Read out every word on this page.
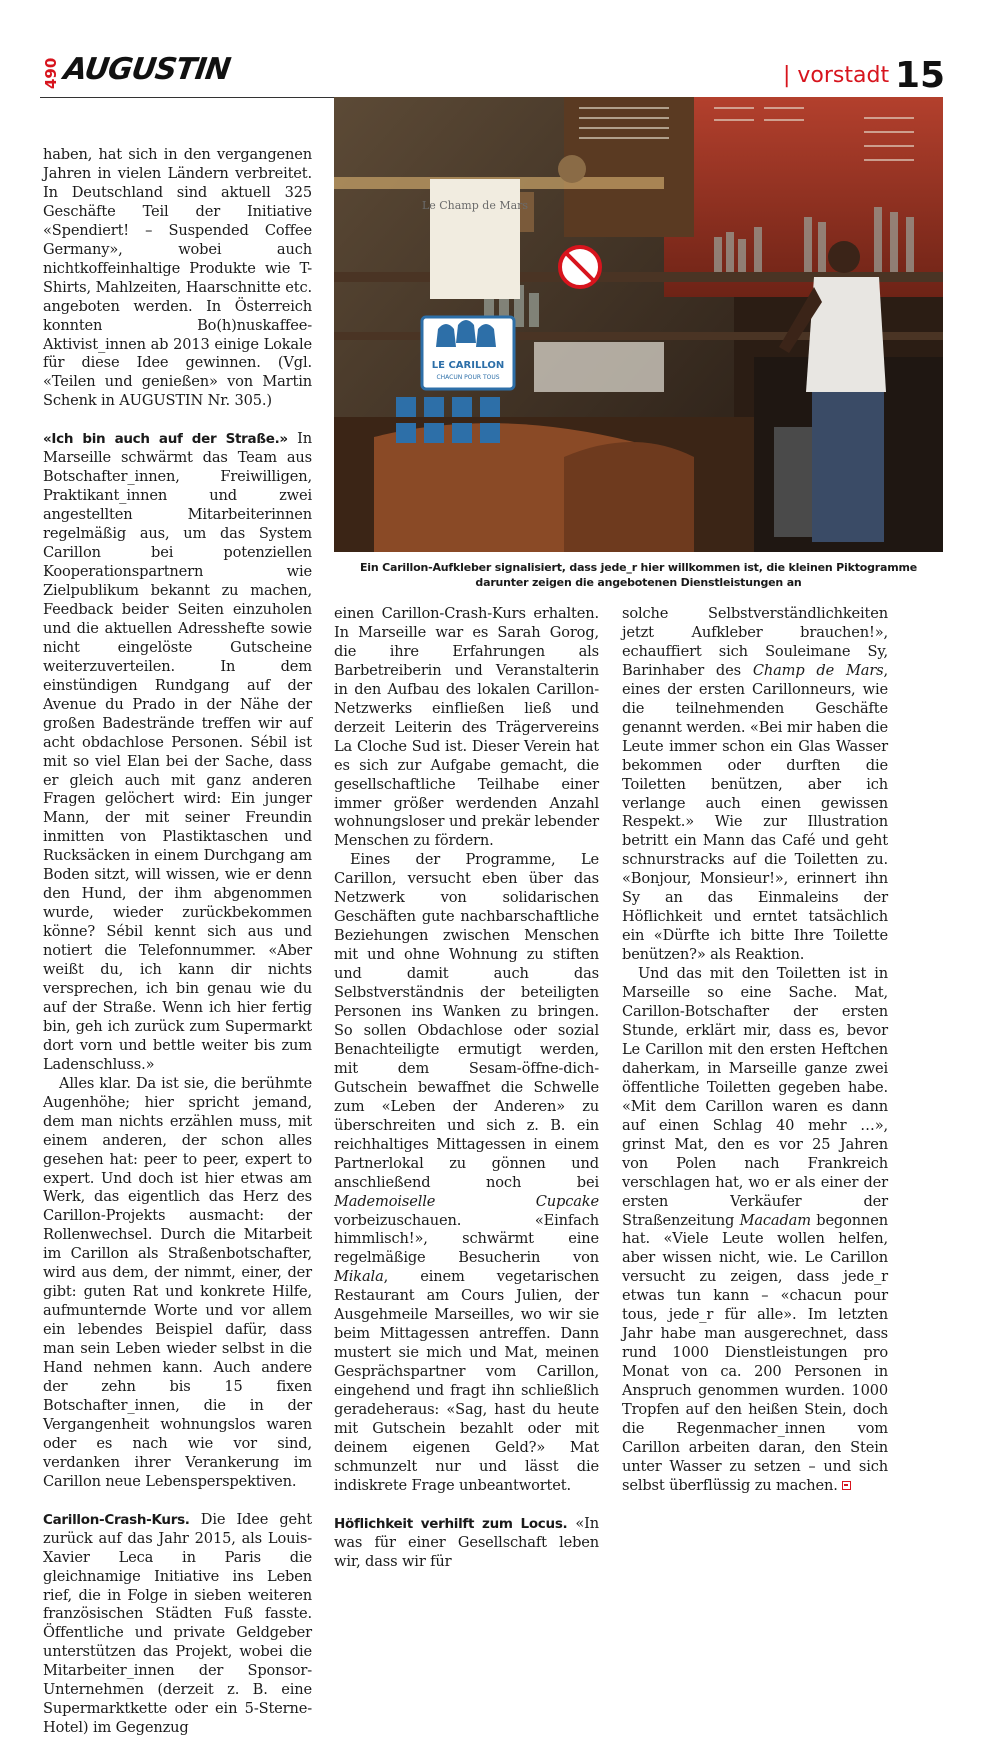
490 AUGUSTIN	| vorstadt 15

haben, hat sich in den vergangenen Jahren in vielen Ländern verbreitet. In Deutschland sind aktuell 325 Geschäfte Teil der Initiative «Spendiert! – Suspended Coffee Germany», wobei auch nichtkoffeinhaltige Produkte wie T-Shirts, Mahlzeiten, Haarschnitte etc. angeboten werden. In Österreich konnten Bo(h)nuskaffee-Aktivist_innen ab 2013 einige Lokale für diese Idee gewinnen. (Vgl. «Teilen und genießen» von Martin Schenk in AUGUSTIN Nr. 305.)

«Ich bin auch auf der Straße.» In Marseille schwärmt das Team aus Botschafter_innen, Freiwilligen, Praktikant_innen und zwei angestellten Mitarbeiterinnen regelmäßig aus, um das System Carillon bei potenziellen Kooperationspartnern wie Zielpublikum bekannt zu machen, Feedback beider Seiten einzuholen und die aktuellen Adresshefte sowie nicht eingelöste Gutscheine weiterzuverteilen. In dem einstündigen Rundgang auf der Avenue du Prado in der Nähe der großen Badestrände treffen wir auf acht obdachlose Personen. Sébil ist mit so viel Elan bei der Sache, dass er gleich auch mit ganz anderen Fragen gelöchert wird: Ein junger Mann, der mit seiner Freundin inmitten von Plastiktaschen und Rucksäcken in einem Durchgang am Boden sitzt, will wissen, wie er denn den Hund, der ihm abgenommen wurde, wieder zurückbekommen könne? Sébil kennt sich aus und notiert die Telefonnummer. «Aber weißt du, ich kann dir nichts versprechen, ich bin genau wie du auf der Straße. Wenn ich hier fertig bin, geh ich zurück zum Supermarkt dort vorn und bettle weiter bis zum Ladenschluss.»

Alles klar. Da ist sie, die berühmte Augenhöhe; hier spricht jemand, dem man nichts erzählen muss, mit einem anderen, der schon alles gesehen hat: peer to peer, expert to expert. Und doch ist hier etwas am Werk, das eigentlich das Herz des Carillon-Projekts ausmacht: der Rollenwechsel. Durch die Mitarbeit im Carillon als Straßenbotschafter, wird aus dem, der nimmt, einer, der gibt: guten Rat und konkrete Hilfe, aufmunternde Worte und vor allem ein lebendes Beispiel dafür, dass man sein Leben wieder selbst in die Hand nehmen kann. Auch andere der zehn bis 15 fixen Botschafter_innen, die in der Vergangenheit wohnungslos waren oder es nach wie vor sind, verdanken ihrer Verankerung im Carillon neue Lebensperspektiven.

Carillon-Crash-Kurs. Die Idee geht zurück auf das Jahr 2015, als Louis-Xavier Leca in Paris die gleichnamige Initiative ins Leben rief, die in Folge in sieben weiteren französischen Städten Fuß fasste. Öffentliche und private Geldgeber unterstützen das Projekt, wobei die Mitarbeiter_innen der Sponsor-Unternehmen (derzeit z. B. eine Supermarktkette oder ein 5-Sterne-Hotel) im Gegenzug

Le Champ de Mars
LE CARILLON
CHACUN POUR TOUS
Ein Carillon-Aufkleber signalisiert, dass jede_r hier willkommen ist, die kleinen Piktogramme darunter zeigen die angebotenen Dienstleistungen an

einen Carillon-Crash-Kurs erhalten. In Marseille war es Sarah Gorog, die ihre Erfahrungen als Barbetreiberin und Veranstalterin in den Aufbau des lokalen Carillon-Netzwerks einfließen ließ und derzeit Leiterin des Trägervereins La Cloche Sud ist. Dieser Verein hat es sich zur Aufgabe gemacht, die gesellschaftliche Teilhabe einer immer größer werdenden Anzahl wohnungsloser und prekär lebender Menschen zu fördern.

Eines der Programme, Le Carillon, versucht eben über das Netzwerk von solidarischen Geschäften gute nachbarschaftliche Beziehungen zwischen Menschen mit und ohne Wohnung zu stiften und damit auch das Selbstverständnis der beteiligten Personen ins Wanken zu bringen. So sollen Obdachlose oder sozial Benachteiligte ermutigt werden, mit dem Sesam-öffne-dich-Gutschein bewaffnet die Schwelle zum «Leben der Anderen» zu überschreiten und sich z. B. ein reichhaltiges Mittagessen in einem Partnerlokal zu gönnen und anschließend noch bei Mademoiselle Cupcake vorbeizuschauen. «Einfach himmlisch!», schwärmt eine regelmäßige Besucherin von Mikala, einem vegetarischen Restaurant am Cours Julien, der Ausgehmeile Marseilles, wo wir sie beim Mittagessen antreffen. Dann mustert sie mich und Mat, meinen Gesprächspartner vom Carillon, eingehend und fragt ihn schließlich geradeheraus: «Sag, hast du heute mit Gutschein bezahlt oder mit deinem eigenen Geld?» Mat schmunzelt nur und lässt die indiskrete Frage unbeantwortet.

Höflichkeit verhilft zum Locus. «In was für einer Gesellschaft leben wir, dass wir für

solche Selbstverständlichkeiten jetzt Aufkleber brauchen!», echauffiert sich Souleimane Sy, Barinhaber des Champ de Mars, eines der ersten Carillonneurs, wie die teilnehmenden Geschäfte genannt werden. «Bei mir haben die Leute immer schon ein Glas Wasser bekommen oder durften die Toiletten benützen, aber ich verlange auch einen gewissen Respekt.» Wie zur Illustration betritt ein Mann das Café und geht schnurstracks auf die Toiletten zu. «Bonjour, Monsieur!», erinnert ihn Sy an das Einmaleins der Höflichkeit und erntet tatsächlich ein «Dürfte ich bitte Ihre Toilette benützen?» als Reaktion.

Und das mit den Toiletten ist in Marseille so eine Sache. Mat, Carillon-Botschafter der ersten Stunde, erklärt mir, dass es, bevor Le Carillon mit den ersten Heftchen daherkam, in Marseille ganze zwei öffentliche Toiletten gegeben habe. «Mit dem Carillon waren es dann auf einen Schlag 40 mehr …», grinst Mat, den es vor 25 Jahren von Polen nach Frankreich verschlagen hat, wo er als einer der ersten Verkäufer der Straßenzeitung Macadam begonnen hat. «Viele Leute wollen helfen, aber wissen nicht, wie. Le Carillon versucht zu zeigen, dass jede_r etwas tun kann – «chacun pour tous, jede_r für alle». Im letzten Jahr habe man ausgerechnet, dass rund 1000 Dienstleistungen pro Monat von ca. 200 Personen in Anspruch genommen wurden. 1000 Tropfen auf den heißen Stein, doch die Regenmacher_innen vom Carillon arbeiten daran, den Stein unter Wasser zu setzen – und sich selbst überflüssig zu machen.
